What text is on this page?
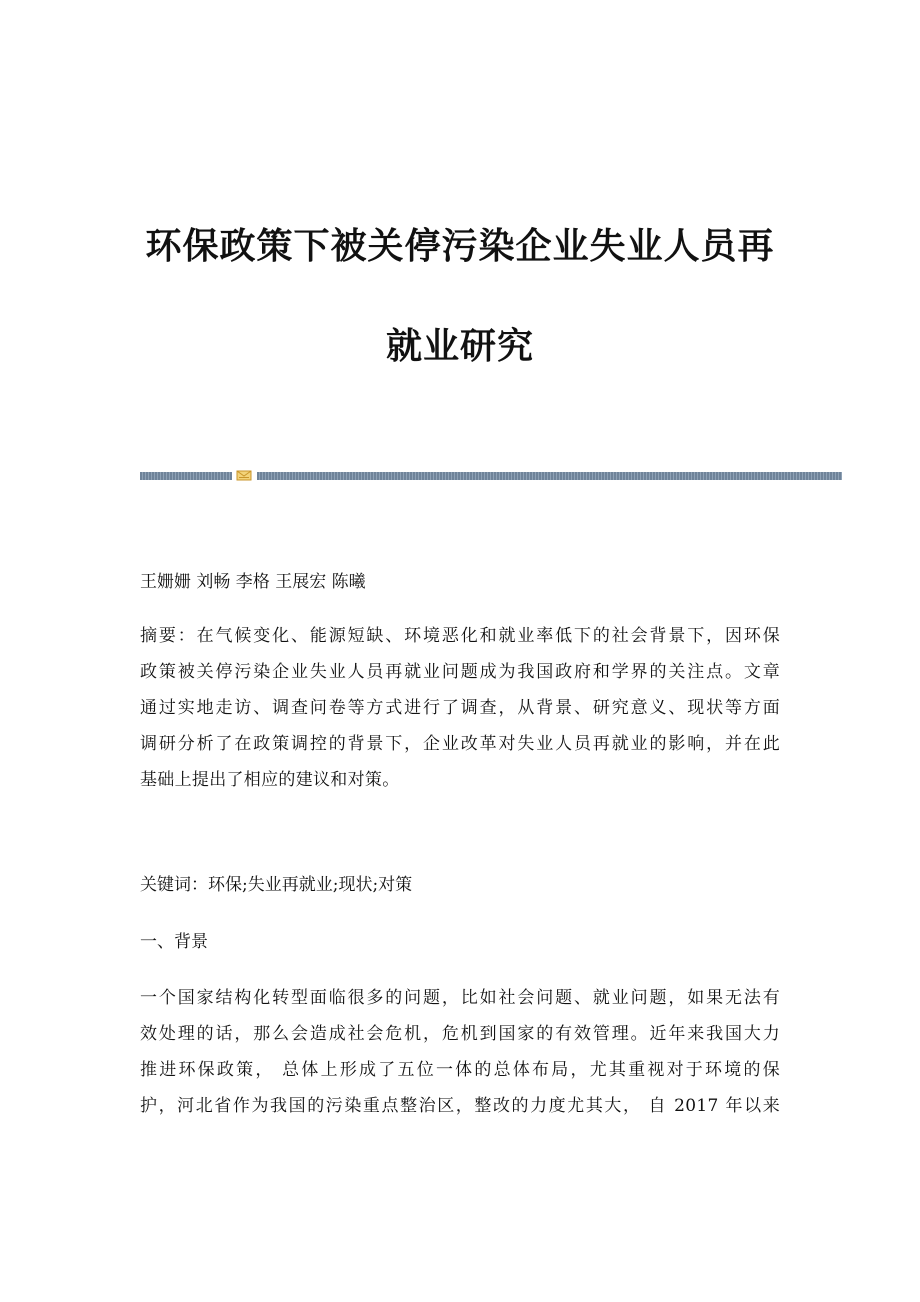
环保政策下被关停污染企业失业人员再
就业研究
王姗姗 刘畅 李格 王展宏 陈曦

摘要：在气候变化、能源短缺、环境恶化和就业率低下的社会背景下，因环保

政策被关停污染企业失业人员再就业问题成为我国政府和学界的关注点。文章

通过实地走访、调查问卷等方式进行了调查，从背景、研究意义、现状等方面

调研分析了在政策调控的背景下，企业改革对失业人员再就业的影响，并在此

基础上提出了相应的建议和对策。

关键词：环保;失业再就业;现状;对策
一、背景

一个国家结构化转型面临很多的问题，比如社会问题、就业问题，如果无法有

效处理的话，那么会造成社会危机，危机到国家的有效管理。近年来我国大力

推进环保政策， 总体上形成了五位一体的总体布局，尤其重视对于环境的保

护，河北省作为我国的污染重点整治区，整改的力度尤其大， 自 2017 年以来
